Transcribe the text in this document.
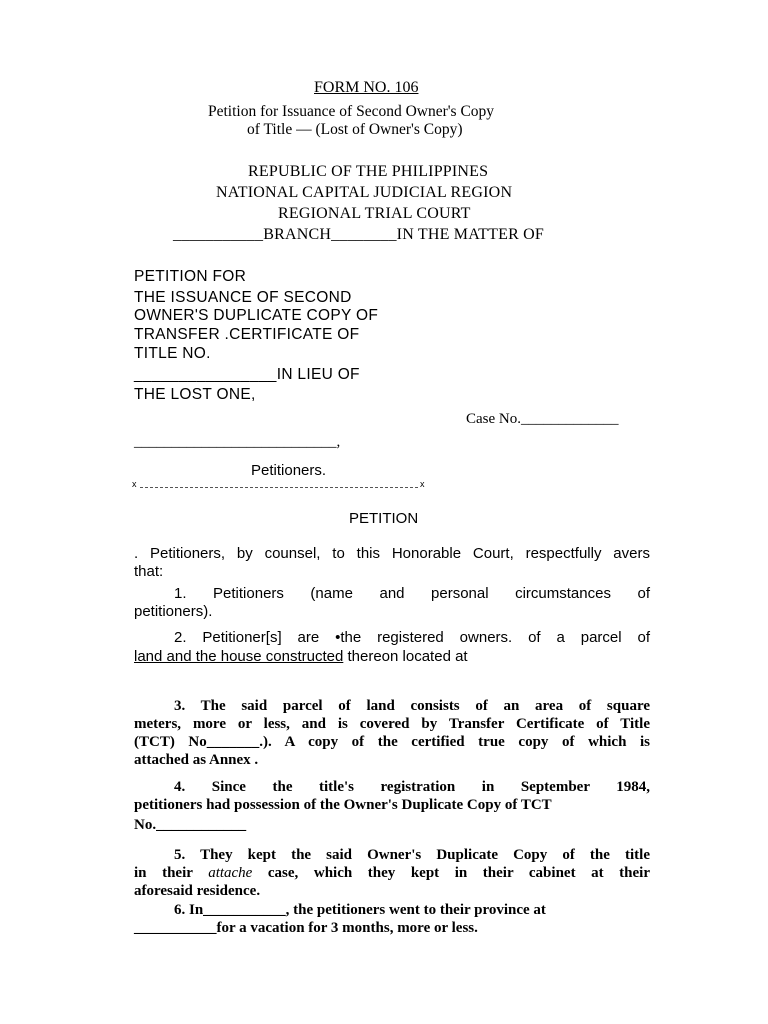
FORM NO. 106
Petition for Issuance of Second Owner's Copy
of Title — (Lost of Owner's Copy)
REPUBLIC OF THE PHILIPPINES
NATIONAL CAPITAL JUDICIAL REGION
REGIONAL TRIAL COURT
___________BRANCH________IN THE MATTER OF
PETITION FOR
THE ISSUANCE OF SECOND
OWNER'S DUPLICATE COPY OF
TRANSFER .CERTIFICATE OF
TITLE NO.
________________IN LIEU OF
THE LOST ONE,
Case No._____________
___________________________,
Petitioners.
x	x
PETITION
. Petitioners, by counsel, to this Honorable Court, respectfully avers
that:
1. Petitioners (name and personal circumstances of
petitioners).
2. Petitioner[s] are •the registered owners. of a parcel of
land and the house constructed thereon located at
3. The said parcel of land consists of an area of square
meters, more or less, and is covered by Transfer Certificate of Title
(TCT) No_______.). A copy of the certified true copy of which is
attached as Annex .
4. Since the title's registration in September 1984,
petitioners had possession of the Owner's Duplicate Copy of TCT
No.____________
5. They kept the said Owner's Duplicate Copy of the title
in their attache case, which they kept in their cabinet at their
aforesaid residence.
6. In___________, the petitioners went to their province at
___________for a vacation for 3 months, more or less.
